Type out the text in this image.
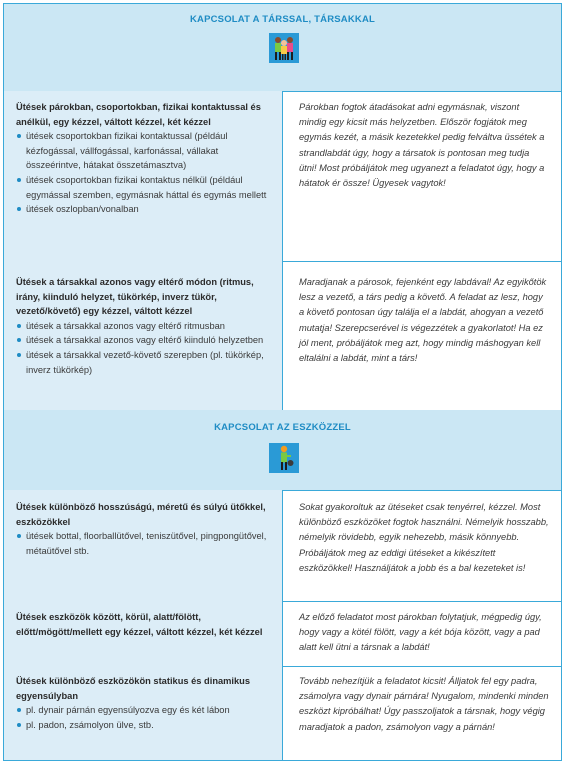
KAPCSOLAT A TÁRSSAL, TÁRSAKKAL
Ütések párokban, csoportokban, fizikai kontaktussal és anélkül, egy kézzel, váltott kézzel, két kézzel
ütések csoportokban fizikai kontaktussal (például kézfogással, vállfogással, karfonással, vállakat összeérintve, hátakat összetámasztva)
ütések csoportokban fizikai kontaktus nélkül (például egymással szemben, egymásnak háttal és egymás mellett
ütések oszlopban/vonalban
Párokban fogtok átadásokat adni egymásnak, viszont mindig egy kicsit más helyzetben. Először fogjátok meg egymás kezét, a másik kezetekkel pedig felváltva üssétek a strandlabdát úgy, hogy a társatok is pontosan meg tudja ütni! Most próbáljátok meg ugyanezt a feladatot úgy, hogy a hátatok ér össze! Ügyesek vagytok!
Ütések a társakkal azonos vagy eltérő módon (ritmus, irány, kiinduló helyzet, tükörkép, inverz tükör, vezető/követő) egy kézzel, váltott kézzel
ütések a társakkal azonos vagy eltérő ritmusban
ütések a társakkal azonos vagy eltérő kiinduló helyzetben
ütések a társakkal vezető-követő szerepben (pl. tükörkép, inverz tükörkép)
Maradjanak a párosok, fejenként egy labdával! Az egyikőtök lesz a vezető, a társ pedig a követő. A feladat az lesz, hogy a követő pontosan úgy találja el a labdát, ahogyan a vezető mutatja! Szerepcserével is végezzétek a gyakorlatot! Ha ez jól ment, próbáljátok meg azt, hogy mindig máshogyan kell eltalálni a labdát, mint a társ!
KAPCSOLAT AZ ESZKÖZZEL
Ütések különböző hosszúságú, méretű és súlyú ütőkkel, eszközökkel
ütések bottal, floorballütővel, teniszütővel, pingpongütővel, métaütővel stb.
Sokat gyakoroltuk az ütéseket csak tenyérrel, kézzel. Most különböző eszközöket fogtok használni. Némelyik hosszabb, némelyik rövidebb, egyik nehezebb, másik könnyebb. Próbáljátok meg az eddigi ütéseket a kikészített eszközökkel! Használjátok a jobb és a bal kezeteket is!
Ütések eszközök között, körül, alatt/fölött, előtt/mögött/mellett egy kézzel, váltott kézzel, két kézzel
Az előző feladatot most párokban folytatjuk, mégpedig úgy, hogy vagy a kötél fölött, vagy a két bója között, vagy a pad alatt kell ütni a társnak a labdát!
Ütések különböző eszközökön statikus és dinamikus egyensúlyban
pl. dynair párnán egyensúlyozva egy és két lábon
pl. padon, zsámolyon ülve, stb.
Tovább nehezítjük a feladatot kicsit! Álljatok fel egy padra, zsámolyra vagy dynair párnára! Nyugalom, mindenki minden eszközt kipróbálhat! Úgy passzoljatok a társnak, hogy végig maradjatok a padon, zsámolyon vagy a párnán!
